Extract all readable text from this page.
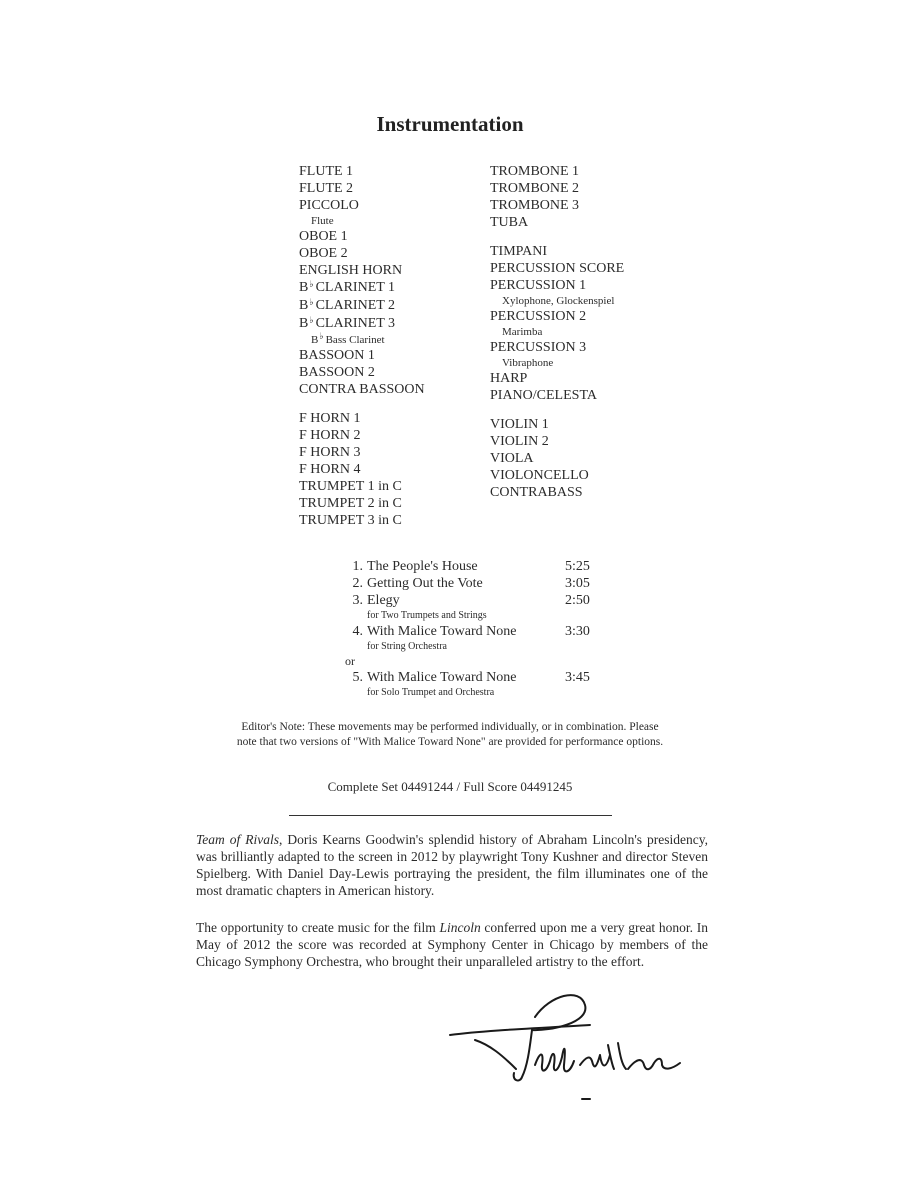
Instrumentation
FLUTE 1
FLUTE 2
PICCOLO
Flute
OBOE 1
OBOE 2
ENGLISH HORN
B♭ CLARINET 1
B♭ CLARINET 2
B♭ CLARINET 3
B♭ Bass Clarinet
BASSOON 1
BASSOON 2
CONTRA BASSOON
F HORN 1
F HORN 2
F HORN 3
F HORN 4
TRUMPET 1 in C
TRUMPET 2 in C
TRUMPET 3 in C
TROMBONE 1
TROMBONE 2
TROMBONE 3
TUBA
TIMPANI
PERCUSSION SCORE
PERCUSSION 1
Xylophone, Glockenspiel
PERCUSSION 2
Marimba
PERCUSSION 3
Vibraphone
HARP
PIANO/CELESTA
VIOLIN 1
VIOLIN 2
VIOLA
VIOLONCELLO
CONTRABASS
1. The People's House	5:25
2. Getting Out the Vote	3:05
3. Elegy	2:50
for Two Trumpets and Strings
4. With Malice Toward None	3:30
for String Orchestra
or
5. With Malice Toward None	3:45
for Solo Trumpet and Orchestra
Editor's Note: These movements may be performed individually, or in combination. Please
note that two versions of "With Malice Toward None" are provided for performance options.
Complete Set 04491244 / Full Score 04491245
Team of Rivals, Doris Kearns Goodwin's splendid history of Abraham Lincoln's presidency, was brilliantly adapted to the screen in 2012 by playwright Tony Kushner and director Steven Spielberg. With Daniel Day-Lewis portraying the president, the film illuminates one of the most dramatic chapters in American history.
The opportunity to create music for the film Lincoln conferred upon me a very great honor. In May of 2012 the score was recorded at Symphony Center in Chicago by members of the Chicago Symphony Orchestra, who brought their unparalleled artistry to the effort.
